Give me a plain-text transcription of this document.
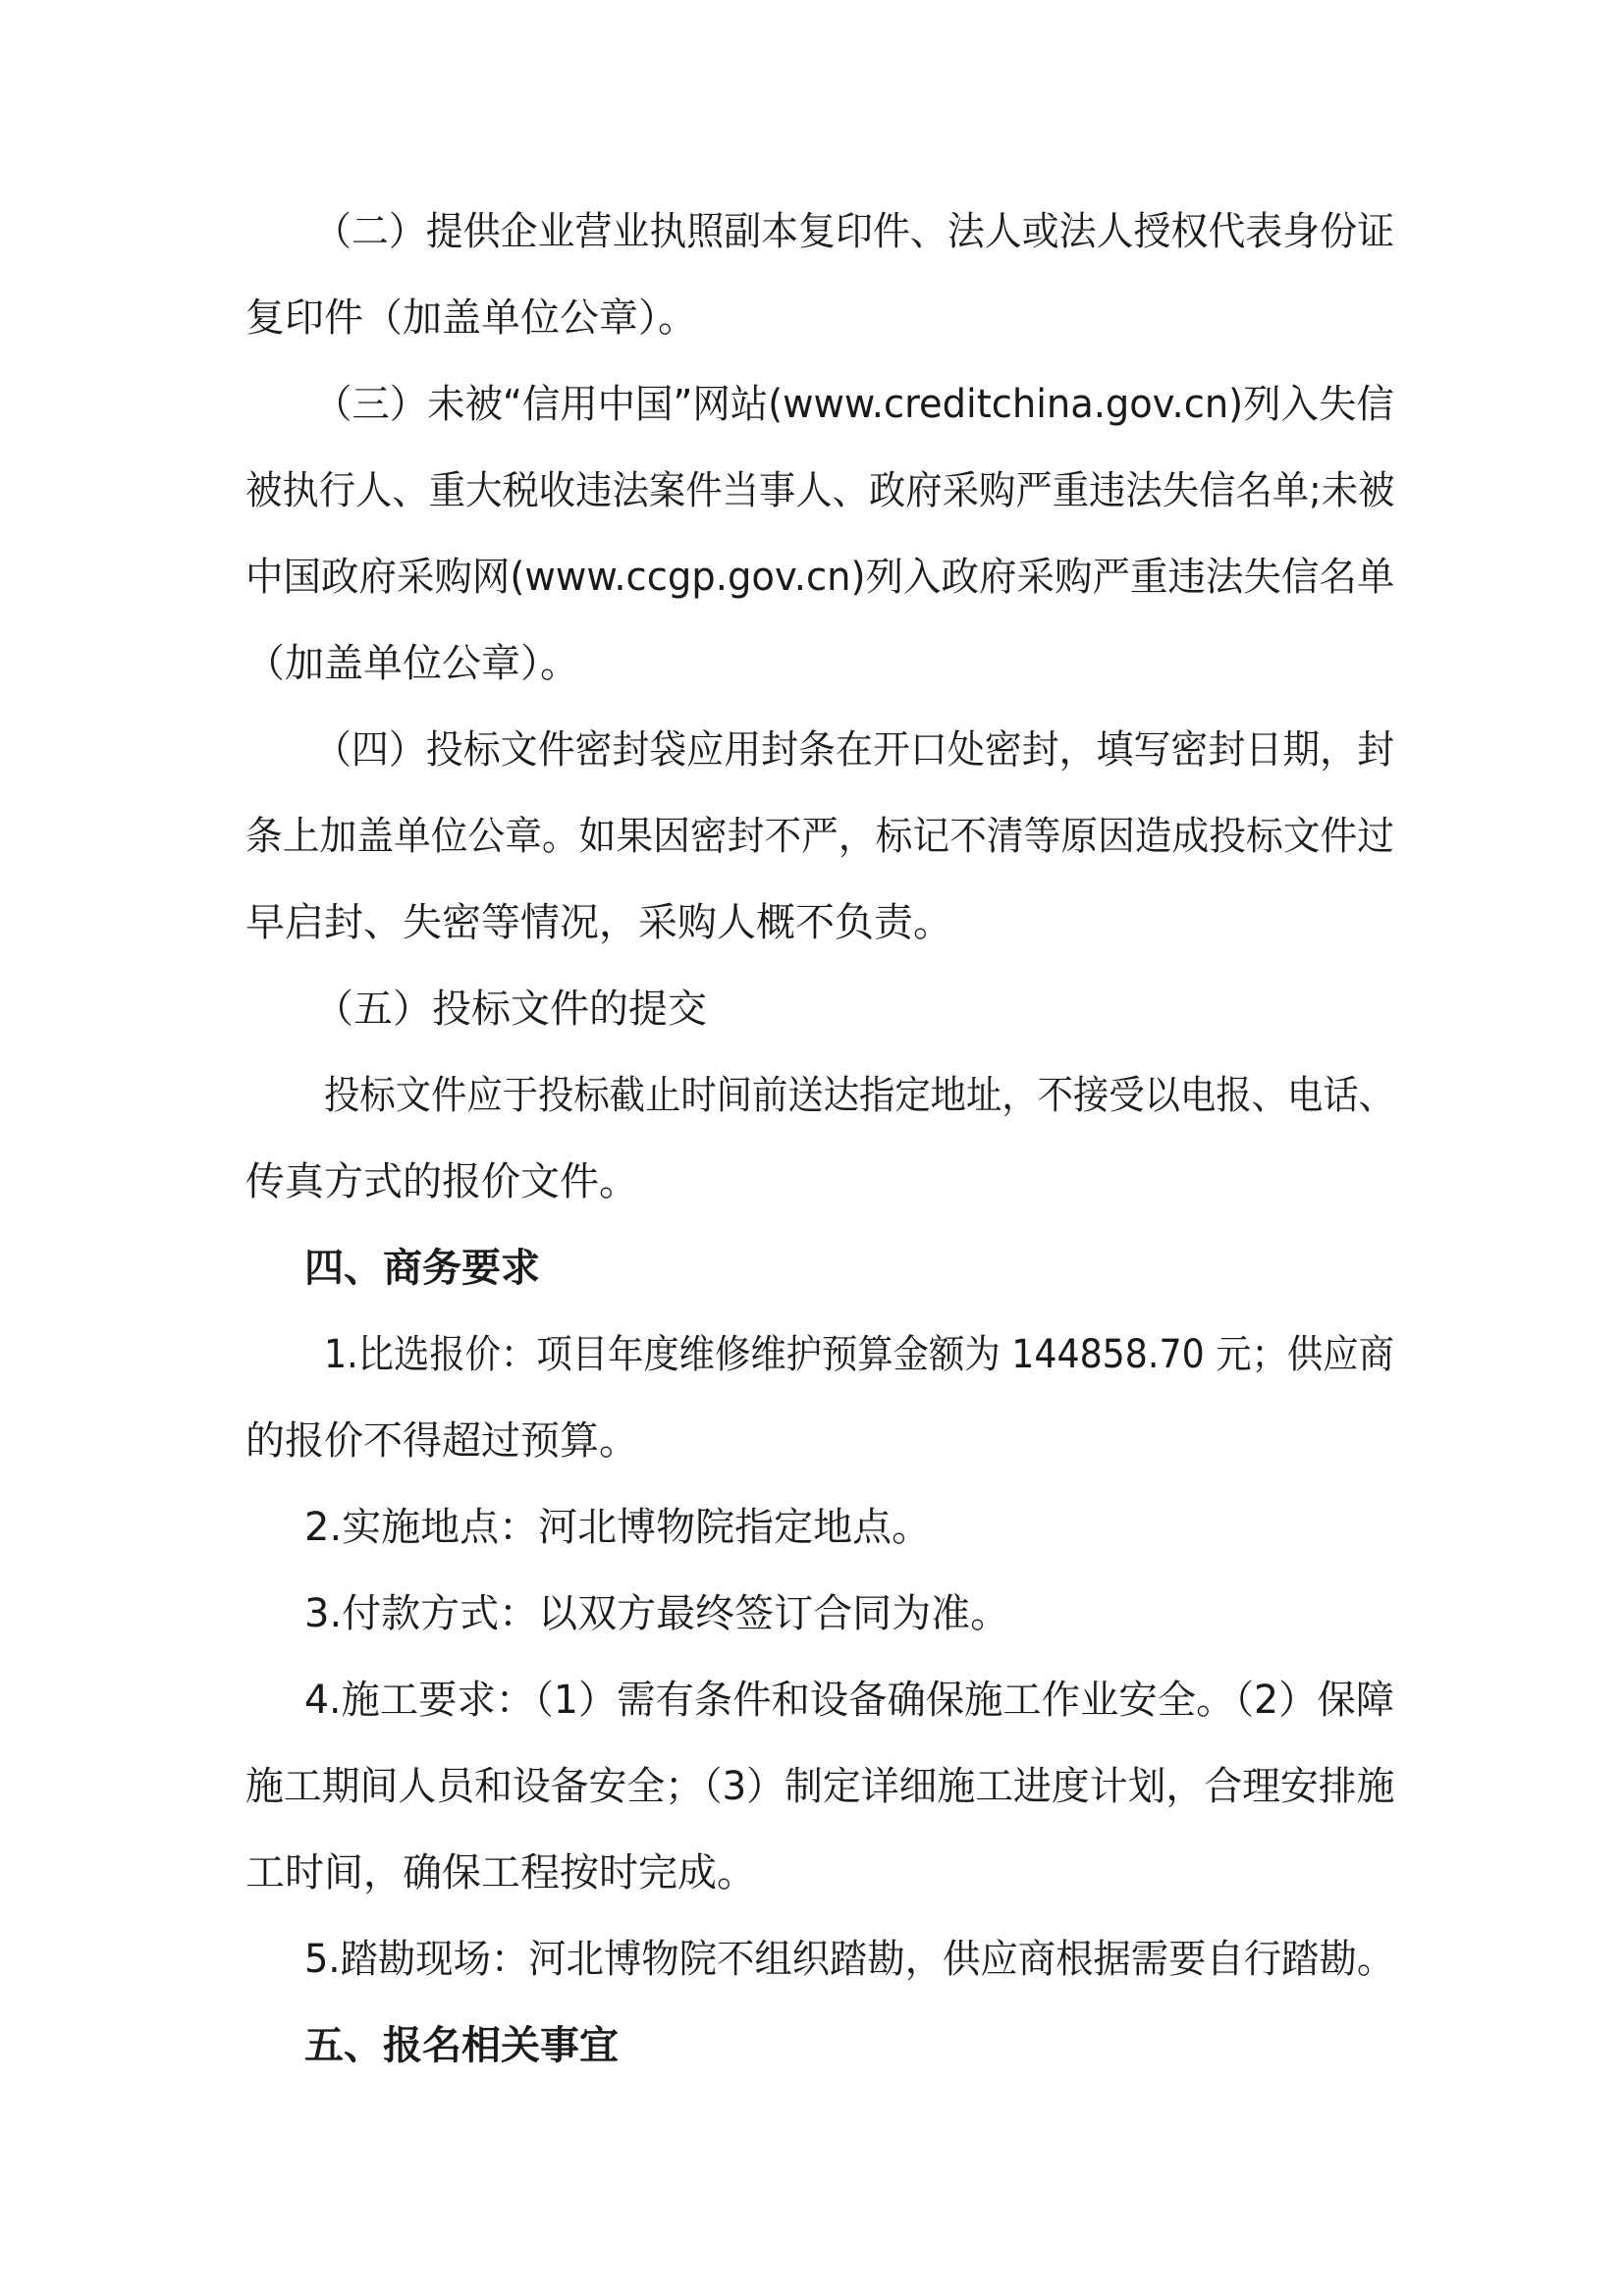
（二）提供企业营业执照副本复印件、法人或法人授权代表身份证
复印件（加盖单位公章）。
（三）未被“信用中国”网站(www.creditchina.gov.cn)列入失信
被执行人、重大税收违法案件当事人、政府采购严重违法失信名单;未被
中国政府采购网(www.ccgp.gov.cn)列入政府采购严重违法失信名单
（加盖单位公章）。
（四）投标文件密封袋应用封条在开口处密封，填写密封日期，封
条上加盖单位公章。如果因密封不严，标记不清等原因造成投标文件过
早启封、失密等情况，采购人概不负责。
（五）投标文件的提交
投标文件应于投标截止时间前送达指定地址，不接受以电报、电话、
传真方式的报价文件。
四、商务要求
1.比选报价：项目年度维修维护预算金额为 144858.70 元；供应商
的报价不得超过预算。
2.实施地点：河北博物院指定地点。
3.付款方式：以双方最终签订合同为准。
4.施工要求：（1）需有条件和设备确保施工作业安全。（2）保障
施工期间人员和设备安全；（3）制定详细施工进度计划，合理安排施
工时间，确保工程按时完成。
5.踏勘现场：河北博物院不组织踏勘，供应商根据需要自行踏勘。
五、报名相关事宜
